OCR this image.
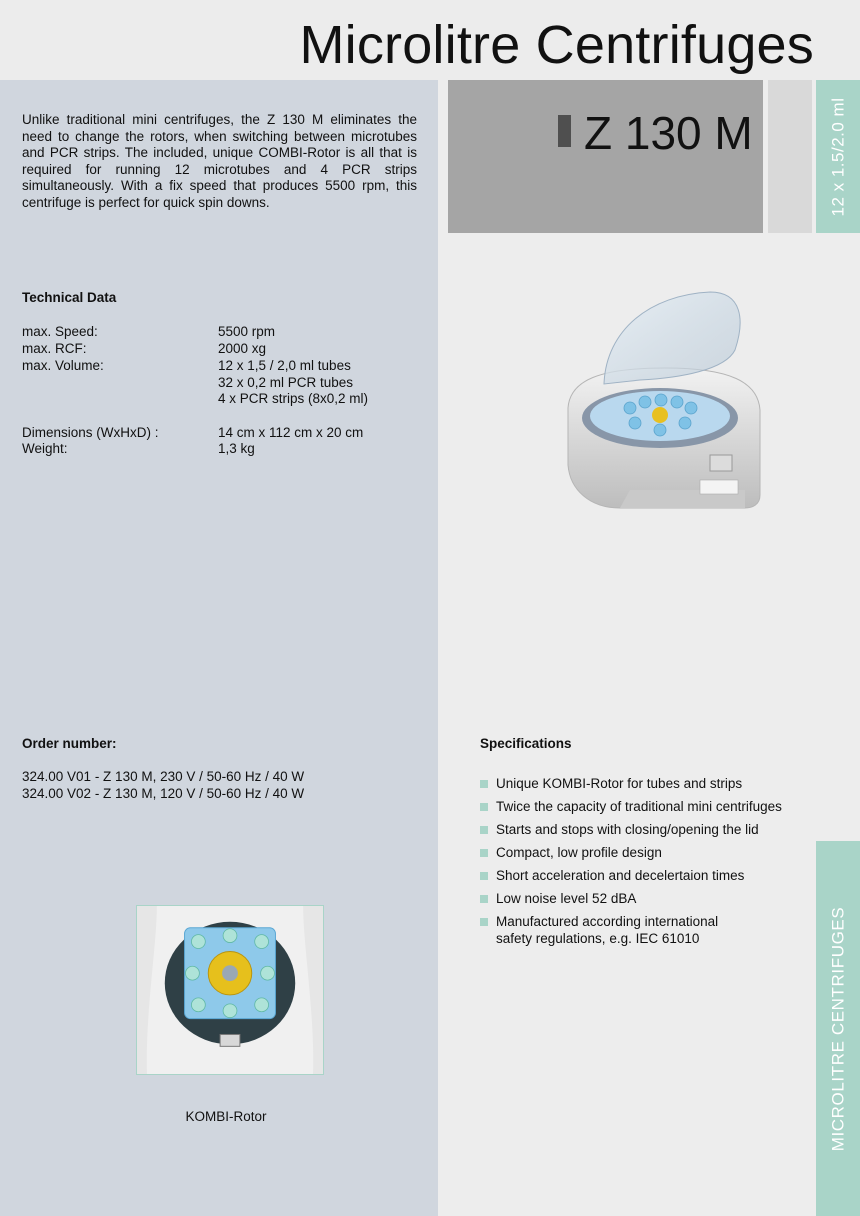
Microlitre Centrifuges
Unlike traditional mini centrifuges, the Z 130 M eliminates the need to change the rotors, when switching between microtubes and PCR strips. The included, unique COMBI-Rotor is all that is required for running 12 microtubes and 4 PCR strips simultaneously. With a fix speed that produces 5500 rpm, this centrifuge is perfect for quick spin downs.
Z 130 M	12 x 1.5/2.0 ml
MICROLITRE CENTRIFUGES
Technical Data
max. Speed:	5500 rpm
max. RCF:	2000 xg
max. Volume:	12 x 1,5 / 2,0 ml tubes
32 x 0,2 ml PCR tubes
4 x PCR strips (8x0,2 ml)
Dimensions (WxHxD) :	14 cm x 112 cm x 20 cm
Weight:	1,3 kg
Order number:
324.00 V01 - Z 130 M, 230 V / 50-60 Hz / 40 W
324.00 V02 - Z 130 M, 120 V / 50-60 Hz / 40 W
Specifications
Unique KOMBI-Rotor for tubes and strips
Twice the capacity of traditional mini centrifuges
Starts and stops with closing/opening the lid
Compact, low profile design
Short acceleration and decelertaion times
Low noise level 52 dBA
Manufactured according international safety regulations, e.g. IEC 61010
KOMBI-Rotor
